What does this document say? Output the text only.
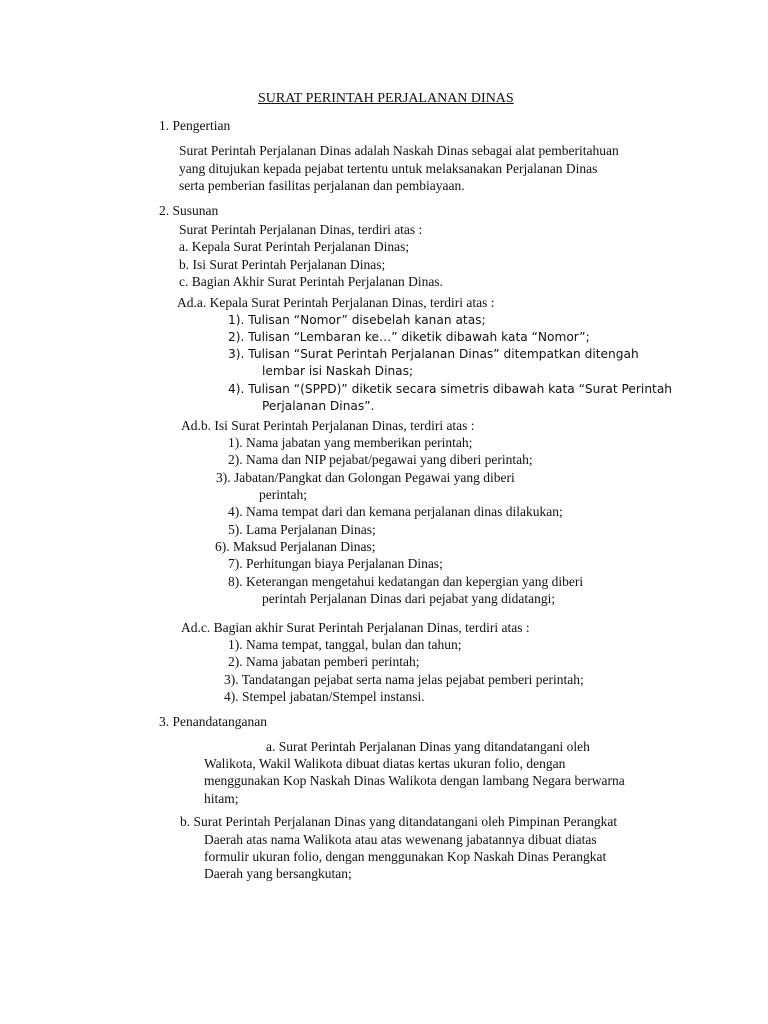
SURAT PERINTAH PERJALANAN DINAS
1. Pengertian
Surat Perintah Perjalanan Dinas adalah Naskah Dinas sebagai alat pemberitahuan
yang ditujukan kepada pejabat tertentu untuk melaksanakan Perjalanan Dinas
serta pemberian fasilitas perjalanan dan pembiayaan.
2. Susunan
Surat Perintah Perjalanan Dinas, terdiri atas :
a. Kepala Surat Perintah Perjalanan Dinas;
b. Isi Surat Perintah Perjalanan Dinas;
c. Bagian Akhir Surat Perintah Perjalanan Dinas.
Ad.a. Kepala Surat Perintah Perjalanan Dinas, terdiri atas :
1). Tulisan “Nomor” disebelah kanan atas;
2). Tulisan “Lembaran ke…” diketik dibawah kata “Nomor”;
3). Tulisan “Surat Perintah Perjalanan Dinas” ditempatkan ditengah
lembar isi Naskah Dinas;
4). Tulisan “(SPPD)” diketik secara simetris dibawah kata “Surat Perintah
Perjalanan Dinas”.
Ad.b. Isi Surat Perintah Perjalanan Dinas, terdiri atas :
1). Nama jabatan yang memberikan perintah;
2). Nama dan NIP pejabat/pegawai yang diberi perintah;
3). Jabatan/Pangkat dan Golongan Pegawai yang diberi
perintah;
4). Nama tempat dari dan kemana perjalanan dinas dilakukan;
5). Lama Perjalanan Dinas;
6). Maksud Perjalanan Dinas;
7). Perhitungan biaya Perjalanan Dinas;
8). Keterangan mengetahui kedatangan dan kepergian yang diberi
perintah Perjalanan Dinas dari pejabat yang didatangi;
Ad.c. Bagian akhir Surat Perintah Perjalanan Dinas, terdiri atas :
1). Nama tempat, tanggal, bulan dan tahun;
2). Nama jabatan pemberi perintah;
3). Tandatangan pejabat serta nama jelas pejabat pemberi perintah;
4). Stempel jabatan/Stempel instansi.
3. Penandatanganan
a. Surat Perintah Perjalanan Dinas yang ditandatangani oleh
Walikota, Wakil Walikota dibuat diatas kertas ukuran folio, dengan
menggunakan Kop Naskah Dinas Walikota dengan lambang Negara berwarna
hitam;
b. Surat Perintah Perjalanan Dinas yang ditandatangani oleh Pimpinan Perangkat
Daerah atas nama Walikota atau atas wewenang jabatannya dibuat diatas
formulir ukuran folio, dengan menggunakan Kop Naskah Dinas Perangkat
Daerah yang bersangkutan;
